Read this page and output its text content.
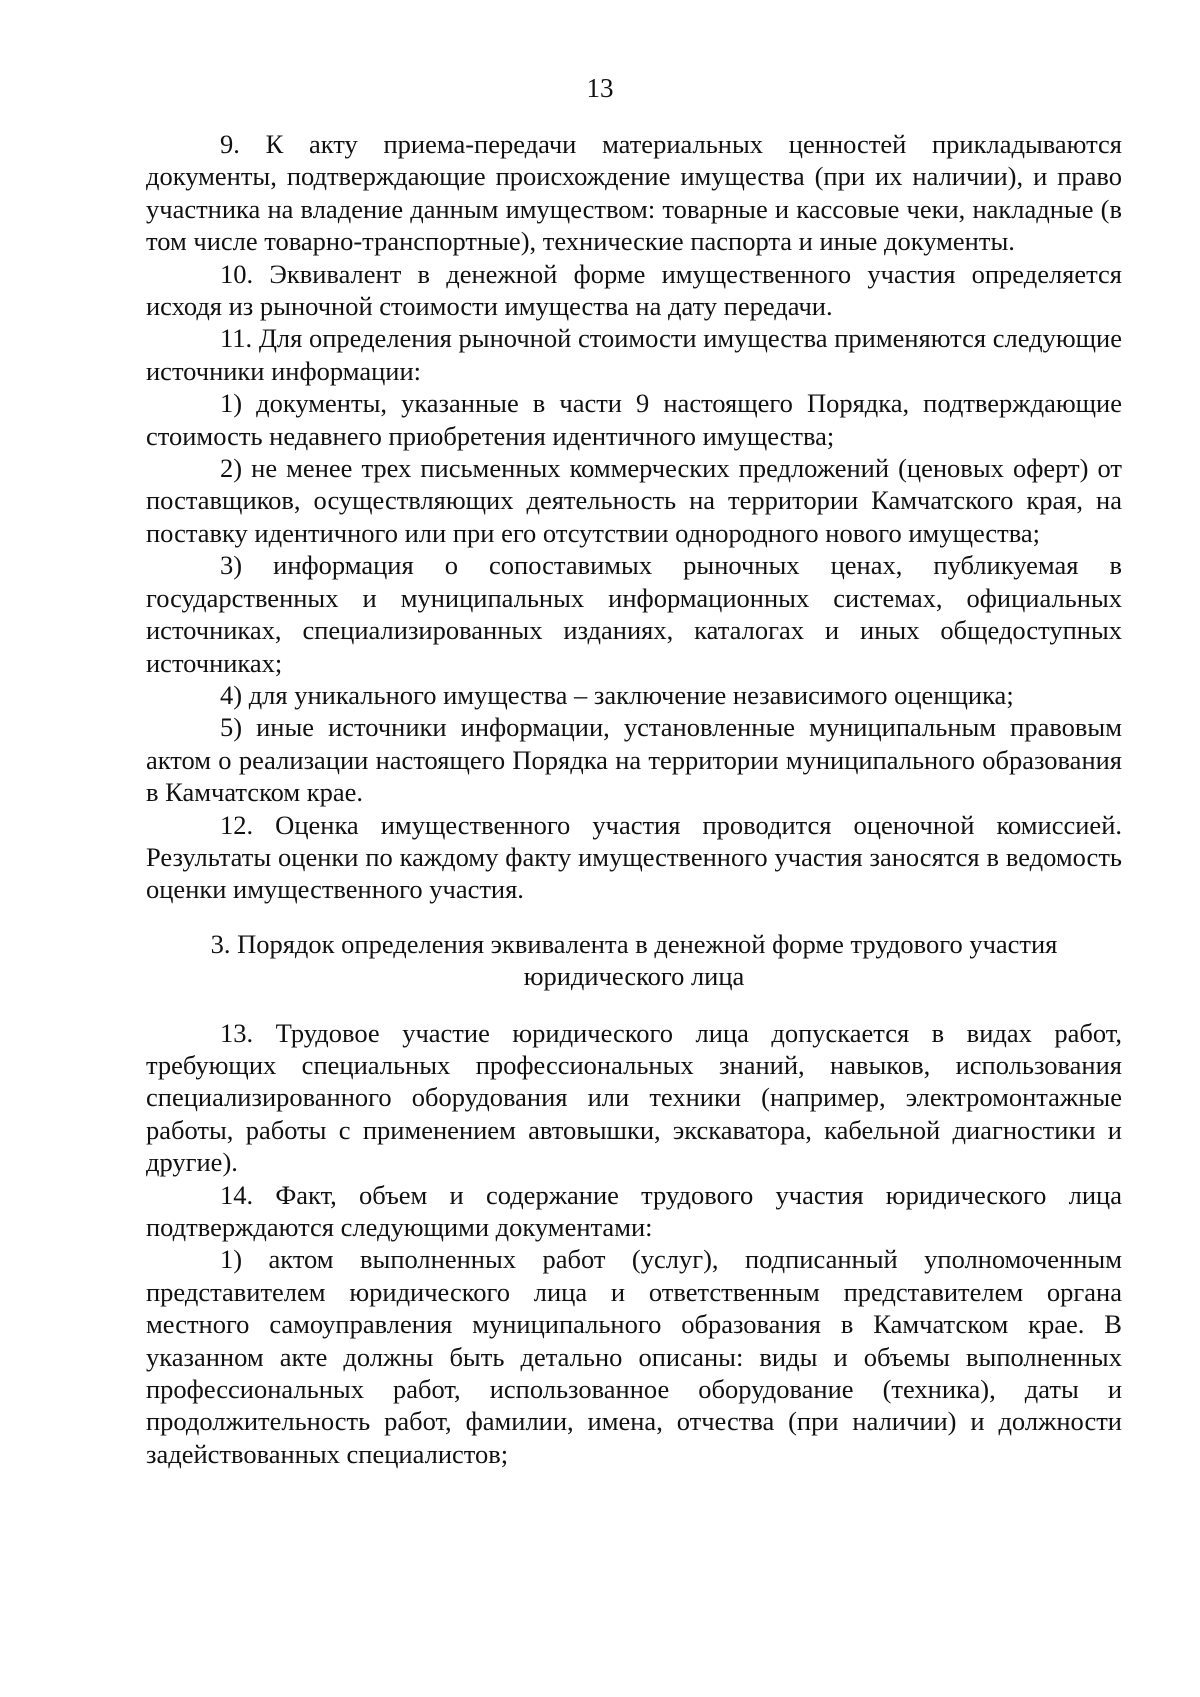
13

9. К акту приема-передачи материальных ценностей прикладываются документы, подтверждающие происхождение имущества (при их наличии), и право участника на владение данным имуществом: товарные и кассовые чеки, накладные (в том числе товарно-транспортные), технические паспорта и иные документы.

10. Эквивалент в денежной форме имущественного участия определяется исходя из рыночной стоимости имущества на дату передачи.

11. Для определения рыночной стоимости имущества применяются следующие источники информации:

1) документы, указанные в части 9 настоящего Порядка, подтверждающие стоимость недавнего приобретения идентичного имущества;

2) не менее трех письменных коммерческих предложений (ценовых оферт) от поставщиков, осуществляющих деятельность на территории Камчатского края, на поставку идентичного или при его отсутствии однородного нового имущества;

3) информация о сопоставимых рыночных ценах, публикуемая в государственных и муниципальных информационных системах, официальных источниках, специализированных изданиях, каталогах и иных общедоступных источниках;

4) для уникального имущества – заключение независимого оценщика;

5) иные источники информации, установленные муниципальным правовым актом о реализации настоящего Порядка на территории муниципального образования в Камчатском крае.

12. Оценка имущественного участия проводится оценочной комиссией. Результаты оценки по каждому факту имущественного участия заносятся в ведомость оценки имущественного участия.

3. Порядок определения эквивалента в денежной форме трудового участия
юридического лица

13. Трудовое участие юридического лица допускается в видах работ, требующих специальных профессиональных знаний, навыков, использования специализированного оборудования или техники (например, электромонтажные работы, работы с применением автовышки, экскаватора, кабельной диагностики и другие).

14. Факт, объем и содержание трудового участия юридического лица подтверждаются следующими документами:

1) актом выполненных работ (услуг), подписанный уполномоченным представителем юридического лица и ответственным представителем органа местного самоуправления муниципального образования в Камчатском крае. В указанном акте должны быть детально описаны: виды и объемы выполненных профессиональных работ, использованное оборудование (техника), даты и продолжительность работ, фамилии, имена, отчества (при наличии) и должности задействованных специалистов;
